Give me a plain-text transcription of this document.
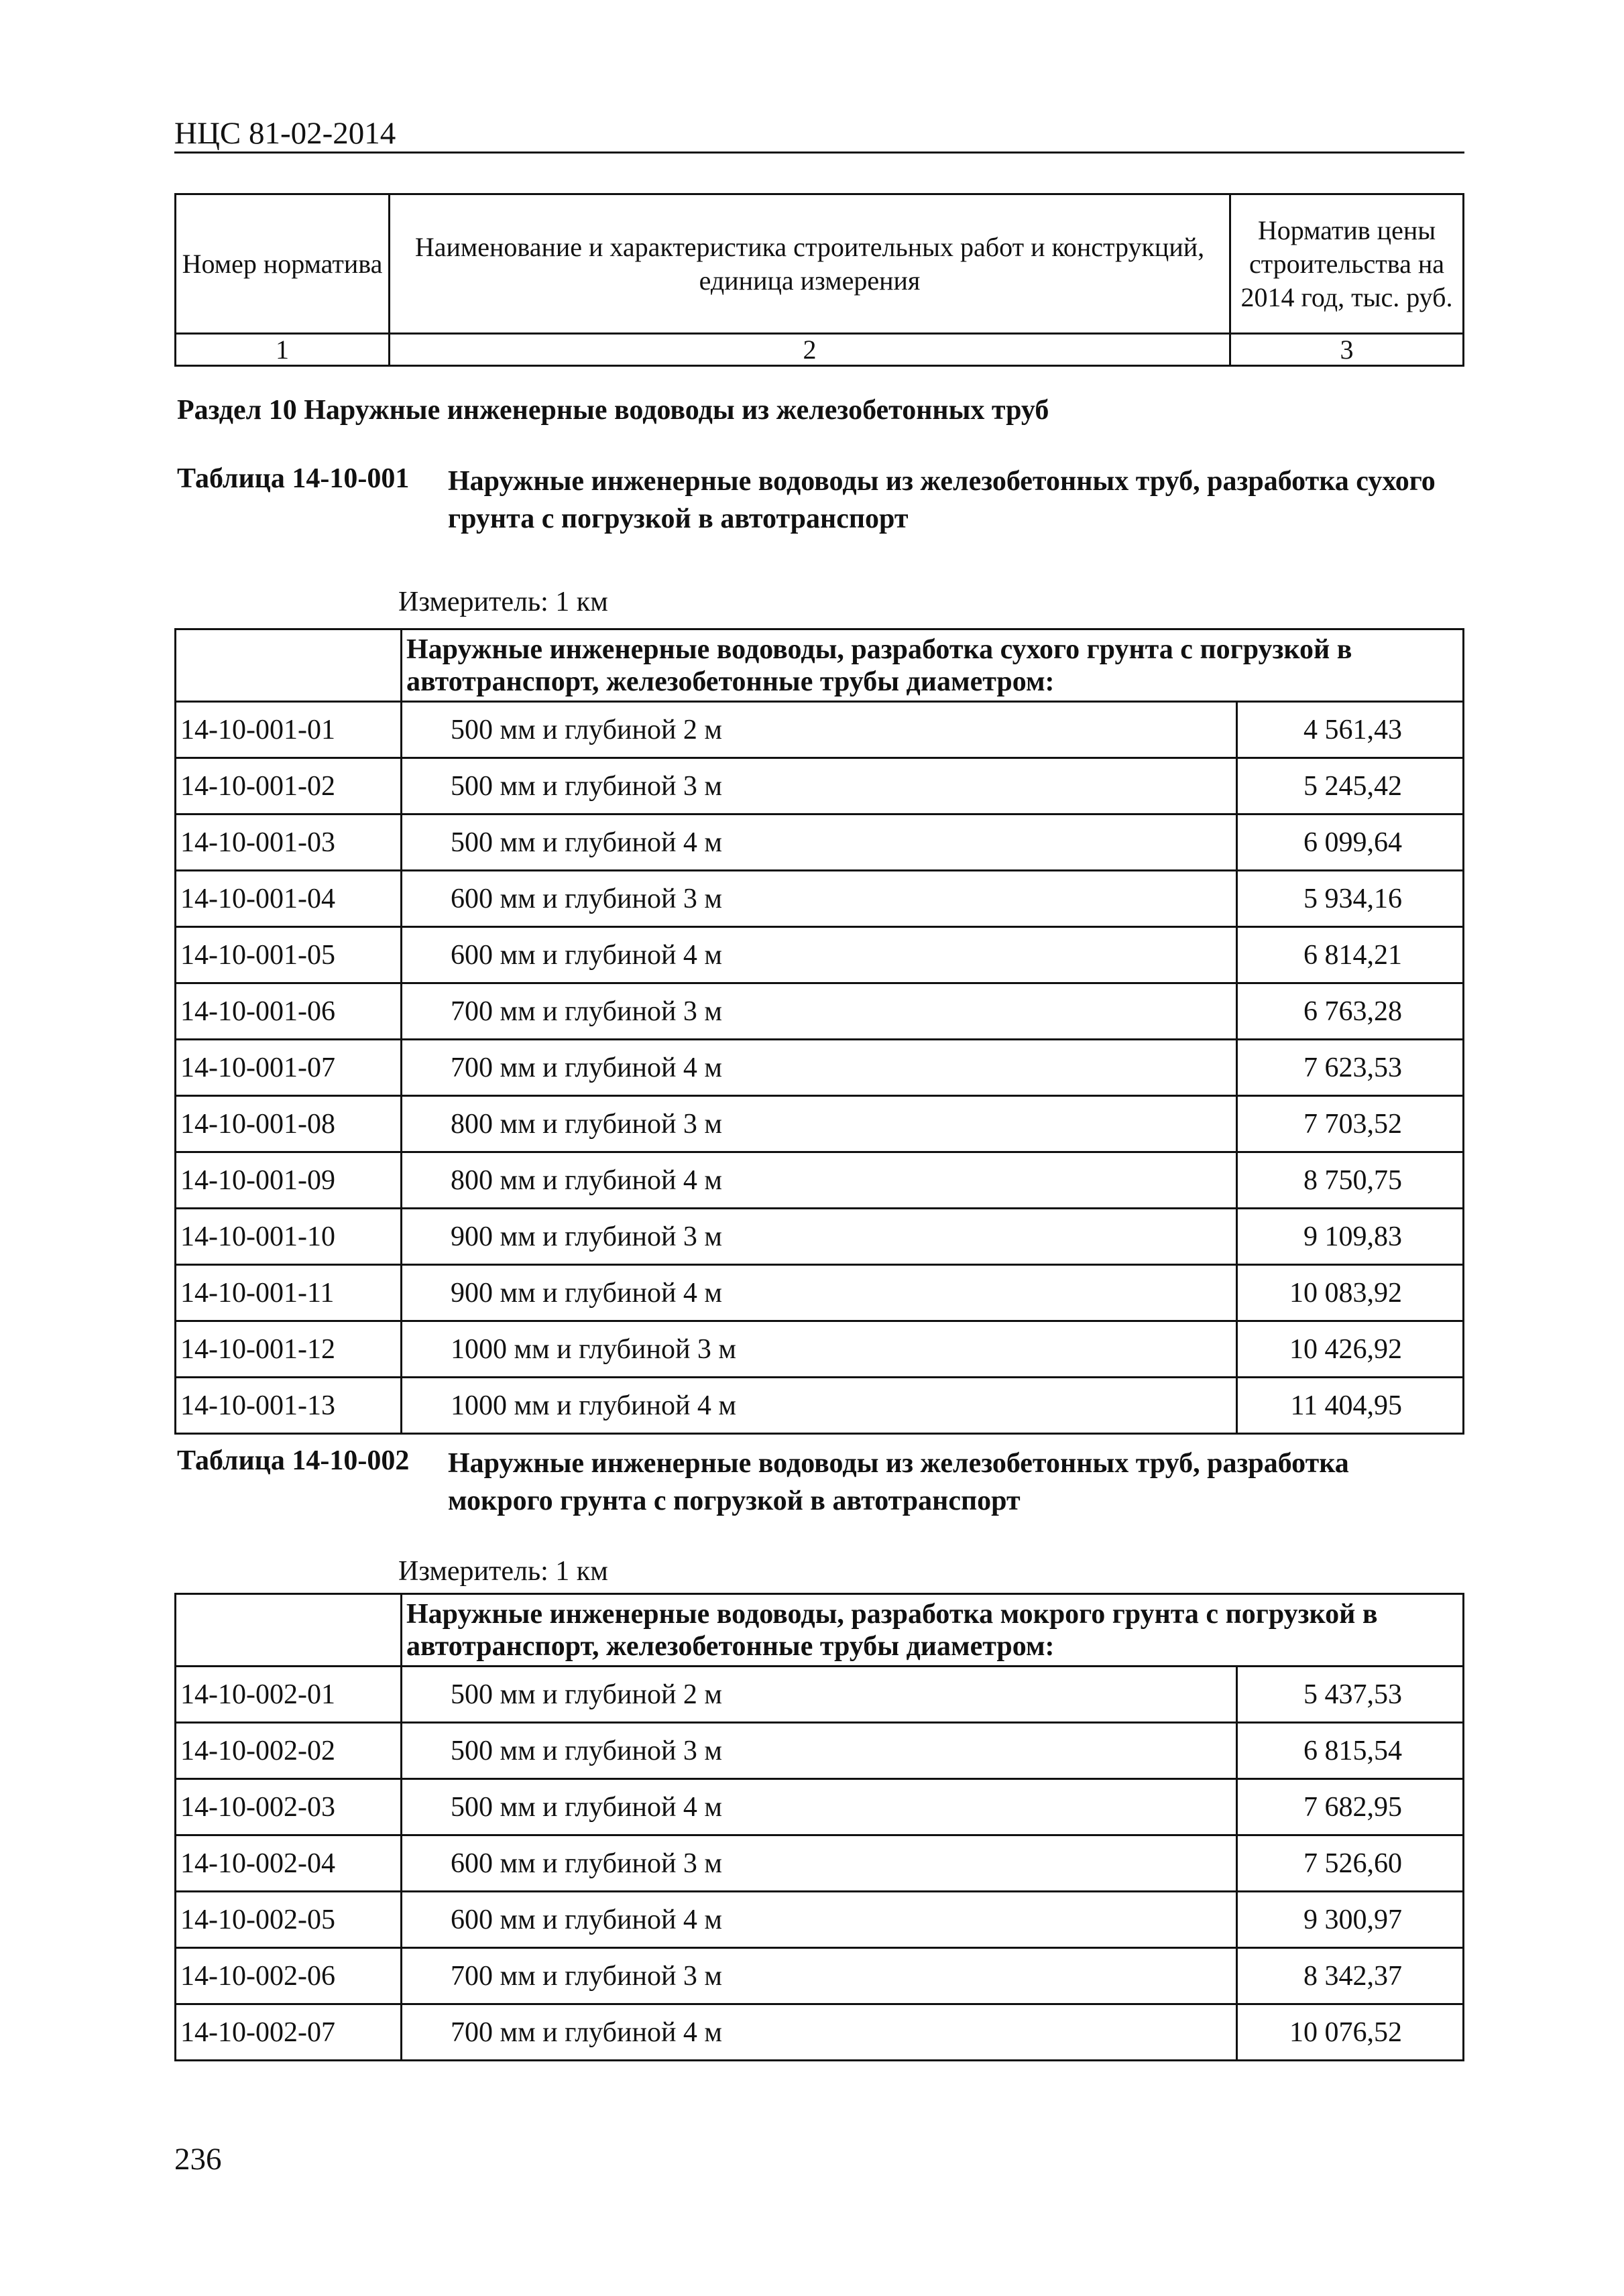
НЦС 81-02-2014
Номер норматива	Наименование и характеристика строительных работ и конструкций, единица измерения	Норматив цены строительства на 2014 год, тыс. руб.
1	2	3
Раздел 10 Наружные инженерные водоводы из железобетонных труб
Таблица 14-10-001 Наружные инженерные водоводы из железобетонных труб, разработка сухого грунта с погрузкой в автотранспорт
Измеритель: 1 км
	Наружные инженерные водоводы, разработка сухого грунта с погрузкой в автотранспорт, железобетонные трубы диаметром:	
14-10-001-01	500 мм и глубиной 2 м	4 561,43
14-10-001-02	500 мм и глубиной 3 м	5 245,42
14-10-001-03	500 мм и глубиной 4 м	6 099,64
14-10-001-04	600 мм и глубиной 3 м	5 934,16
14-10-001-05	600 мм и глубиной 4 м	6 814,21
14-10-001-06	700 мм и глубиной 3 м	6 763,28
14-10-001-07	700 мм и глубиной 4 м	7 623,53
14-10-001-08	800 мм и глубиной 3 м	7 703,52
14-10-001-09	800 мм и глубиной 4 м	8 750,75
14-10-001-10	900 мм и глубиной 3 м	9 109,83
14-10-001-11	900 мм и глубиной 4 м	10 083,92
14-10-001-12	1000 мм и глубиной 3 м	10 426,92
14-10-001-13	1000 мм и глубиной 4 м	11 404,95
Таблица 14-10-002 Наружные инженерные водоводы из железобетонных труб, разработка мокрого грунта с погрузкой в автотранспорт
Измеритель: 1 км
	Наружные инженерные водоводы, разработка мокрого грунта с погрузкой в автотранспорт, железобетонные трубы диаметром:	
14-10-002-01	500 мм и глубиной 2 м	5 437,53
14-10-002-02	500 мм и глубиной 3 м	6 815,54
14-10-002-03	500 мм и глубиной 4 м	7 682,95
14-10-002-04	600 мм и глубиной 3 м	7 526,60
14-10-002-05	600 мм и глубиной 4 м	9 300,97
14-10-002-06	700 мм и глубиной 3 м	8 342,37
14-10-002-07	700 мм и глубиной 4 м	10 076,52
236
